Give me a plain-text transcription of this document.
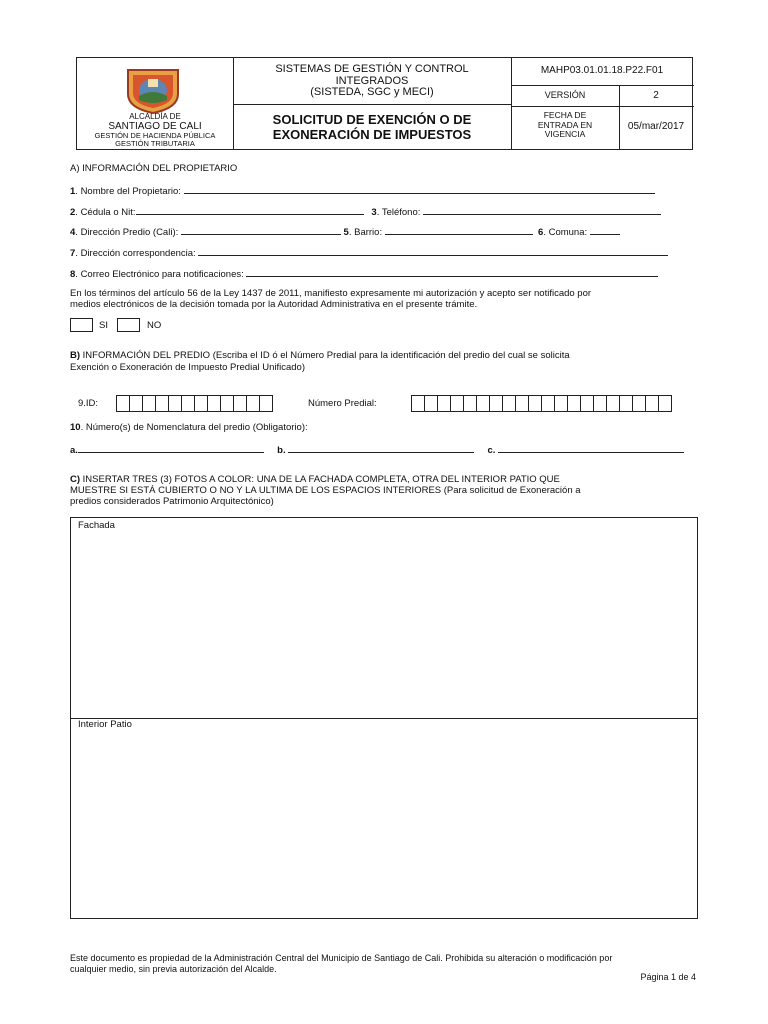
ALCALDÍA DE
SANTIAGO DE CALI
GESTIÓN DE HACIENDA PÚBLICA
GESTIÓN TRIBUTARIA
SISTEMAS DE GESTIÓN Y CONTROL
INTEGRADOS
(SISTEDA, SGC y MECI)
SOLICITUD DE EXENCIÓN O DE
EXONERACIÓN DE IMPUESTOS
MAHP03.01.01.18.P22.F01
VERSIÓN	2
FECHA DE
ENTRADA EN
VIGENCIA
05/mar/2017
A) INFORMACIÓN DEL PROPIETARIO
1. Nombre del Propietario:
2. Cédula o Nit:	3. Teléfono:
4. Dirección Predio (Cali):	5. Barrio:	6. Comuna:
7. Dirección correspondencia:
8. Correo Electrónico para notificaciones:
En los términos del artículo 56 de la Ley 1437 de 2011, manifiesto expresamente mi autorización y acepto ser notificado por
medios electrónicos de la decisión tomada por la Autoridad Administrativa en el presente trámite.
SI	NO
B) INFORMACIÓN DEL PREDIO (Escriba el ID ó el Número Predial para la identificación del predio del cual se solicita
Exención o Exoneración de Impuesto Predial Unificado)
9.ID:	Número Predial:
10. Número(s) de Nomenclatura del predio (Obligatorio):
a.	b.	c.
C) INSERTAR TRES (3) FOTOS A COLOR: UNA DE LA FACHADA COMPLETA, OTRA DEL INTERIOR PATIO QUE
MUESTRE SI ESTÁ CUBIERTO O NO Y LA ULTIMA DE LOS ESPACIOS INTERIORES (Para solicitud de Exoneración a
predios considerados Patrimonio Arquitectónico)
Fachada
Interior Patio
Este documento es propiedad de la Administración Central del Municipio de Santiago de Cali. Prohibida su alteración o modificación por
cualquier medio, sin previa autorización del Alcalde.
Página 1 de 4
